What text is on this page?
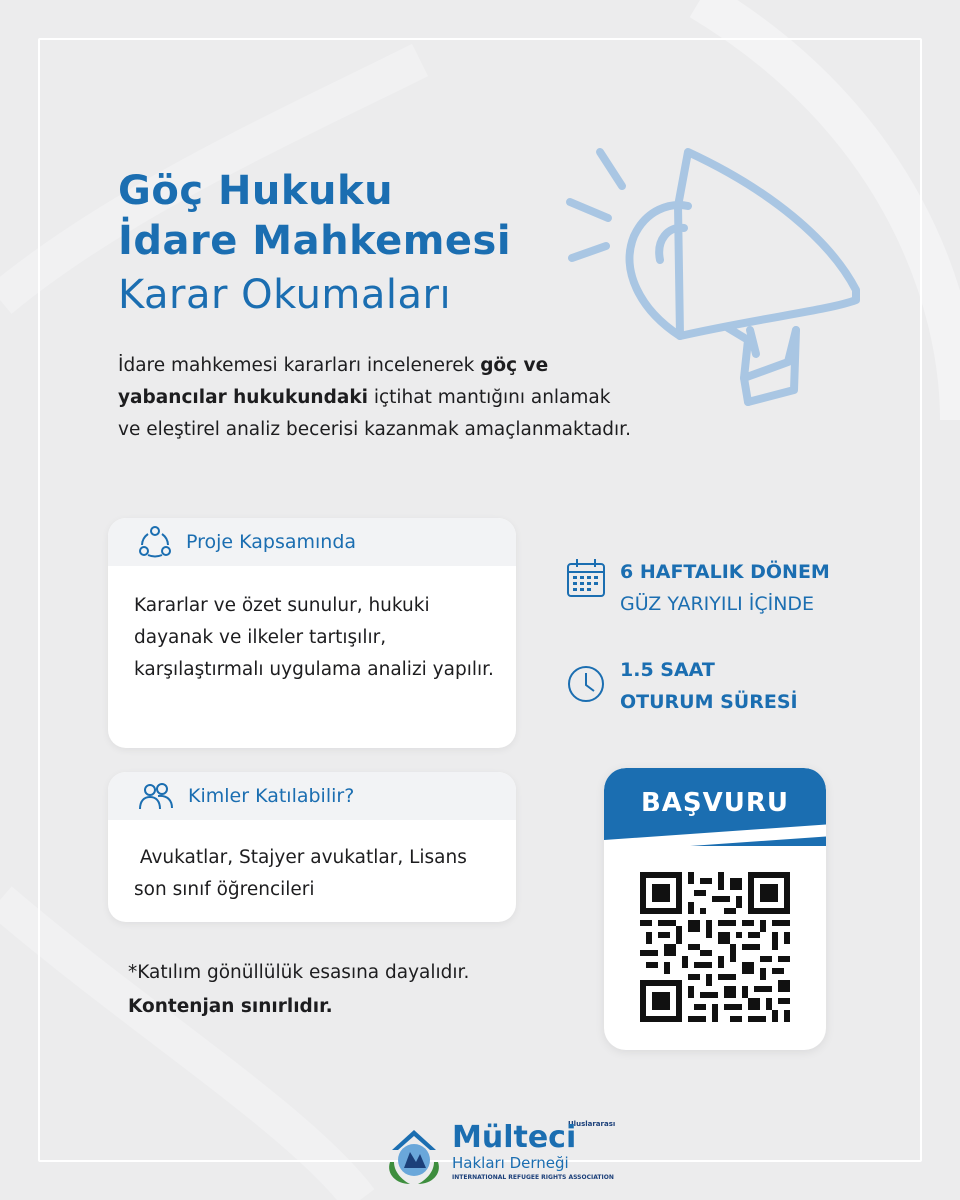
Göç Hukuku
İdare Mahkemesi
Karar Okumaları
İdare mahkemesi kararları incelenerek göç ve yabancılar hukukundaki içtihat mantığını anlamak ve eleştirel analiz becerisi kazanmak amaçlanmaktadır.
Proje Kapsamında
Kararlar ve özet sunulur, hukuki dayanak ve ilkeler tartışılır, karşılaştırmalı uygulama analizi yapılır.
Kimler Katılabilir?
Avukatlar, Stajyer avukatlar, Lisans son sınıf öğrencileri
6 HAFTALIK DÖNEM
GÜZ YARIYILI İÇİNDE
1.5 SAAT
OTURUM SÜRESİ
BAŞVURU
*Katılım gönüllülük esasına dayalıdır.
Kontenjan sınırlıdır.
Uluslararası
Mülteci
Hakları Derneği
INTERNATIONAL REFUGEE RIGHTS ASSOCIATION
